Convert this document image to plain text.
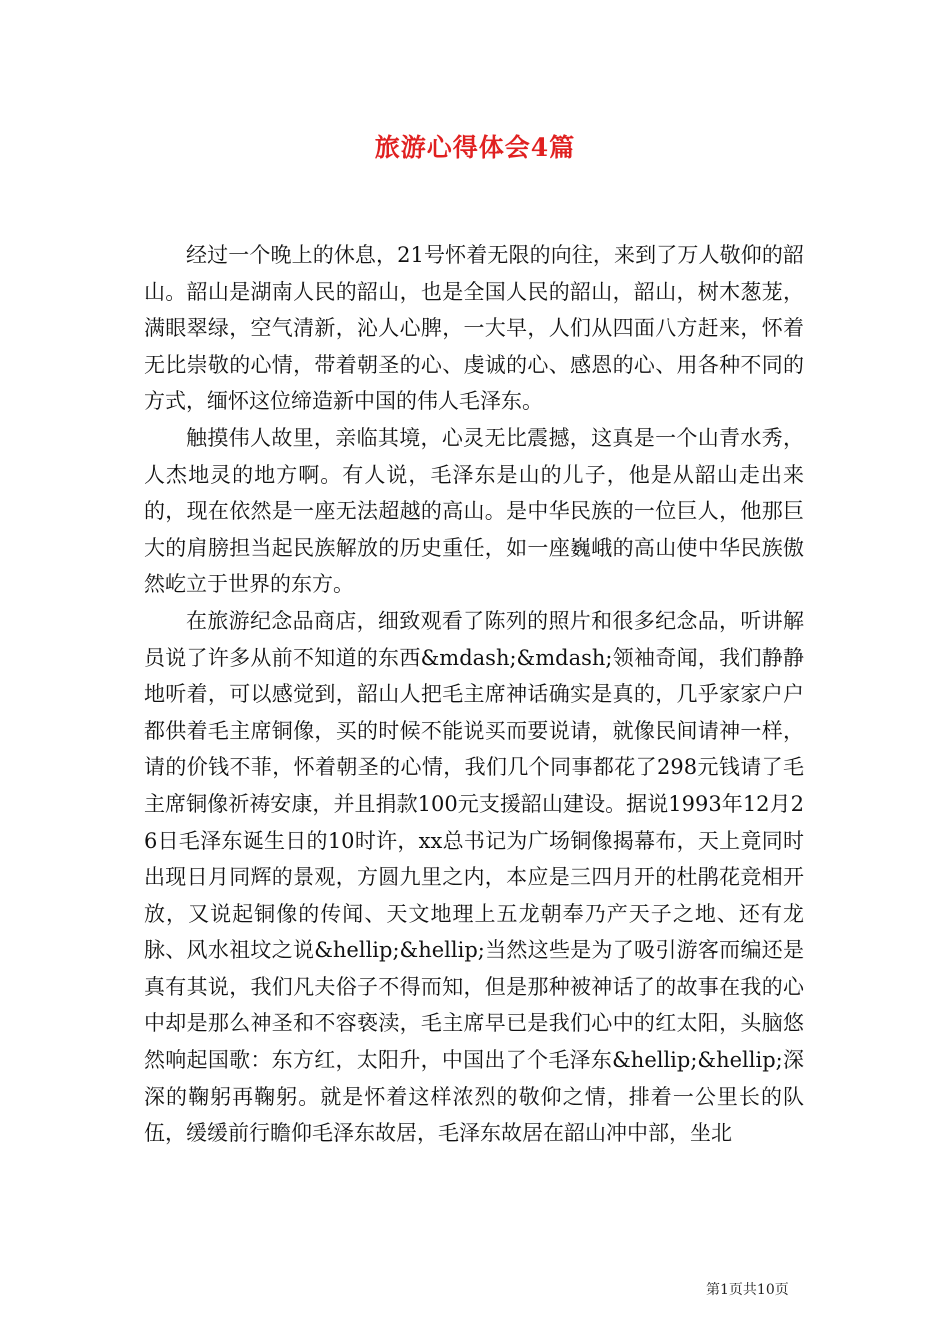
旅游心得体会4篇

经过一个晚上的休息，21号怀着无限的向往，来到了万人敬仰的韶山。韶山是湖南人民的韶山，也是全国人民的韶山，韶山，树木葱茏，满眼翠绿，空气清新，沁人心脾，一大早，人们从四面八方赶来，怀着无比崇敬的心情，带着朝圣的心、虔诚的心、感恩的心、用各种不同的方式，缅怀这位缔造新中国的伟人毛泽东。

触摸伟人故里，亲临其境，心灵无比震撼，这真是一个山青水秀，人杰地灵的地方啊。有人说，毛泽东是山的儿子，他是从韶山走出来的，现在依然是一座无法超越的高山。是中华民族的一位巨人，他那巨大的肩膀担当起民族解放的历史重任，如一座巍峨的高山使中华民族傲然屹立于世界的东方。

在旅游纪念品商店，细致观看了陈列的照片和很多纪念品，听讲解员说了许多从前不知道的东西&mdash;&mdash;领袖奇闻，我们静静地听着，可以感觉到，韶山人把毛主席神话确实是真的，几乎家家户户都供着毛主席铜像，买的时候不能说买而要说请，就像民间请神一样，请的价钱不菲，怀着朝圣的心情，我们几个同事都花了298元钱请了毛主席铜像祈祷安康，并且捐款100元支援韶山建设。据说1993年12月26日毛泽东诞生日的10时许，xx总书记为广场铜像揭幕布，天上竟同时出现日月同辉的景观，方圆九里之内，本应是三四月开的杜鹃花竞相开放，又说起铜像的传闻、天文地理上五龙朝奉乃产天子之地、还有龙脉、风水祖坟之说&hellip;&hellip;当然这些是为了吸引游客而编还是真有其说，我们凡夫俗子不得而知，但是那种被神话了的故事在我的心中却是那么神圣和不容亵渎，毛主席早已是我们心中的红太阳，头脑悠然响起国歌：东方红，太阳升，中国出了个毛泽东&hellip;&hellip;深深的鞠躬再鞠躬。就是怀着这样浓烈的敬仰之情，排着一公里长的队伍，缓缓前行瞻仰毛泽东故居，毛泽东故居在韶山冲中部，坐北

第1页共10页
